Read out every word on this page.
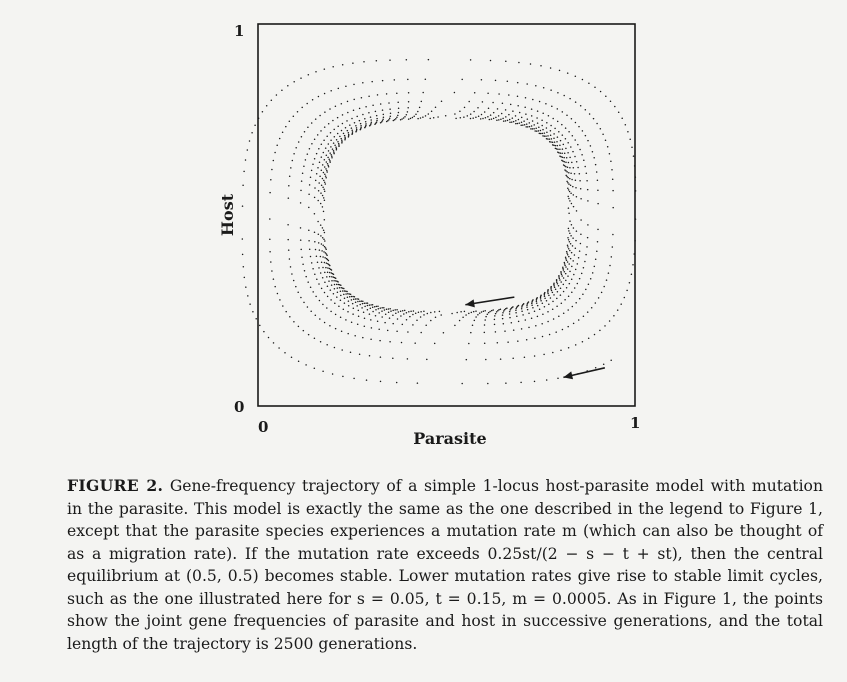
1
0
0	1
Parasite
Host

FIGURE 2. Gene-frequency trajectory of a simple 1-locus host-parasite model with mutation in the parasite. This model is exactly the same as the one described in the legend to Figure 1, except that the parasite species experiences a mutation rate m (which can also be thought of as a migration rate). If the mutation rate exceeds 0.25st/(2 − s − t + st), then the central equilibrium at (0.5, 0.5) becomes stable. Lower mutation rates give rise to stable limit cycles, such as the one illustrated here for s = 0.05, t = 0.15, m = 0.0005. As in Figure 1, the points show the joint gene frequencies of parasite and host in successive generations, and the total length of the trajectory is 2500 generations.
